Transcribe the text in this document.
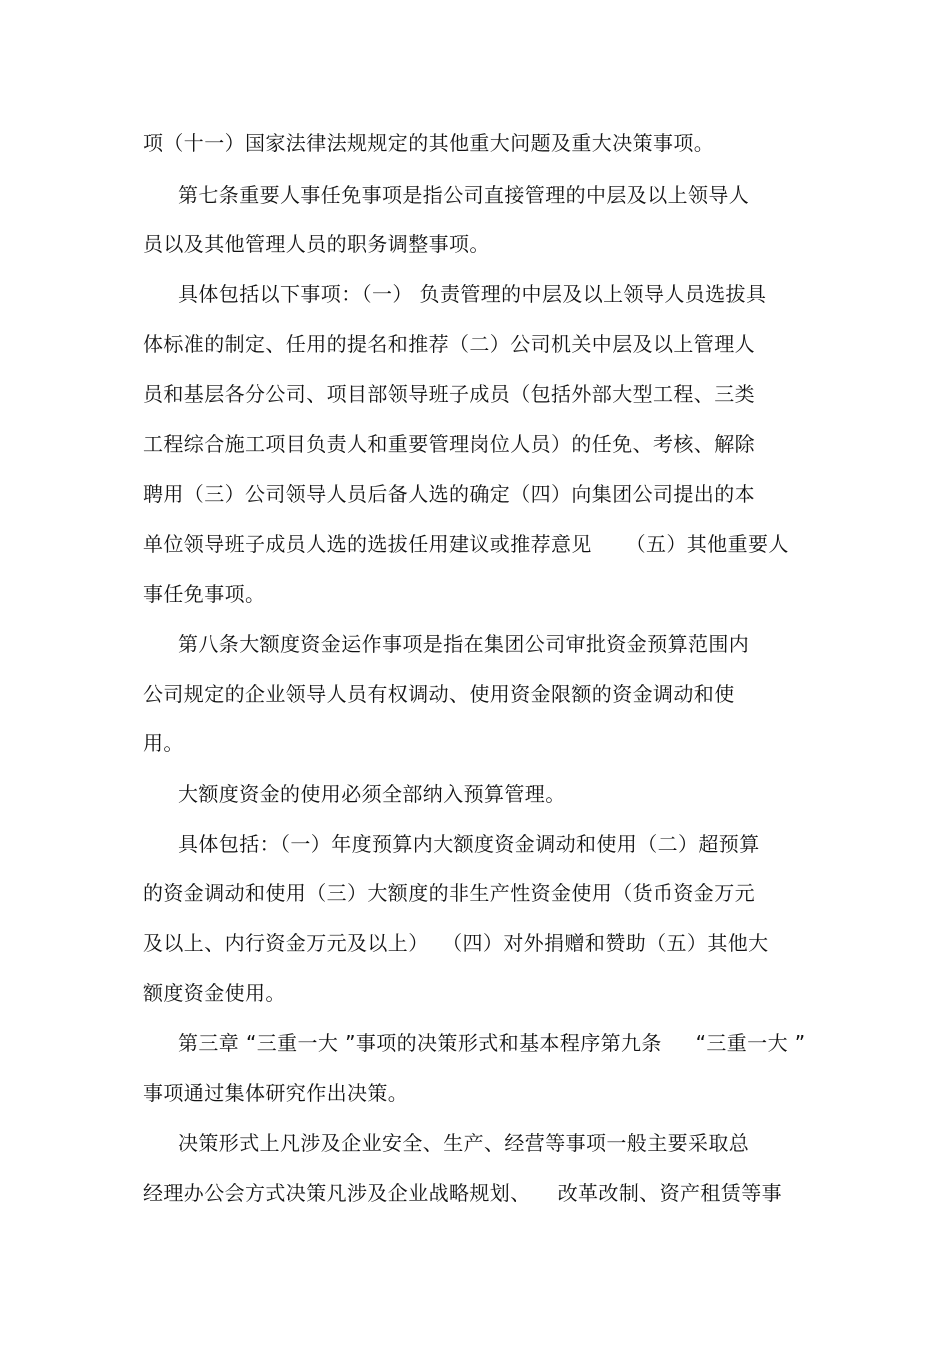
项（十一）国家法律法规规定的其他重大问题及重大决策事项。
第七条重要人事任免事项是指公司直接管理的中层及以上领导人
员以及其他管理人员的职务调整事项。
具体包括以下事项：（一） 负责管理的中层及以上领导人员选拔具
体标准的制定、任用的提名和推荐（二）公司机关中层及以上管理人
员和基层各分公司、项目部领导班子成员（包括外部大型工程、三类
工程综合施工项目负责人和重要管理岗位人员）的任免、考核、解除
聘用（三）公司领导人员后备人选的确定（四）向集团公司提出的本
单位领导班子成员人选的选拔任用建议或推荐意见     （五）其他重要人
事任免事项。
第八条大额度资金运作事项是指在集团公司审批资金预算范围内
公司规定的企业领导人员有权调动、使用资金限额的资金调动和使
用。
大额度资金的使用必须全部纳入预算管理。
具体包括：（一）年度预算内大额度资金调动和使用（二）超预算
的资金调动和使用（三）大额度的非生产性资金使用（货币资金万元
及以上、内行资金万元及以上）  （四）对外捐赠和赞助（五）其他大
额度资金使用。
第三章 “三重一大 ”事项的决策形式和基本程序第九条     “三重一大 ”
事项通过集体研究作出决策。
决策形式上凡涉及企业安全、生产、经营等事项一般主要采取总
经理办公会方式决策凡涉及企业战略规划、    改革改制、资产租赁等事
